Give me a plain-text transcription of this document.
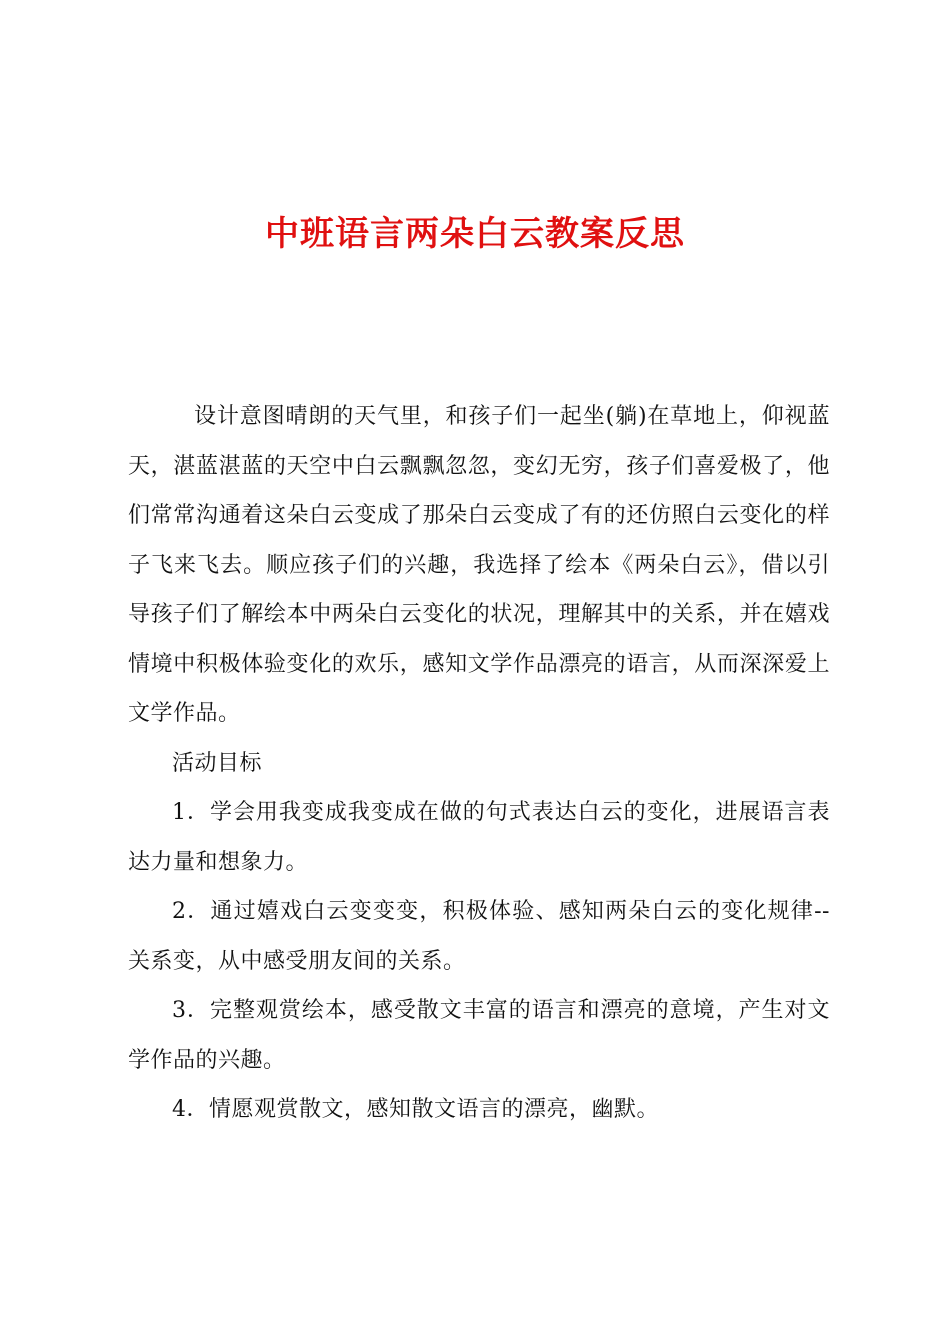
中班语言两朵白云教案反思

设计意图晴朗的天气里，和孩子们一起坐(躺)在草地上，仰视蓝天，湛蓝湛蓝的天空中白云飘飘忽忽，变幻无穷，孩子们喜爱极了，他们常常沟通着这朵白云变成了那朵白云变成了有的还仿照白云变化的样子飞来飞去。顺应孩子们的兴趣，我选择了绘本《两朵白云》，借以引导孩子们了解绘本中两朵白云变化的状况，理解其中的关系，并在嬉戏情境中积极体验变化的欢乐，感知文学作品漂亮的语言，从而深深爱上文学作品。

活动目标

1．学会用我变成我变成在做的句式表达白云的变化，进展语言表达力量和想象力。

2．通过嬉戏白云变变变，积极体验、感知两朵白云的变化规律--关系变，从中感受朋友间的关系。

3．完整观赏绘本，感受散文丰富的语言和漂亮的意境，产生对文学作品的兴趣。

4．情愿观赏散文，感知散文语言的漂亮，幽默。
